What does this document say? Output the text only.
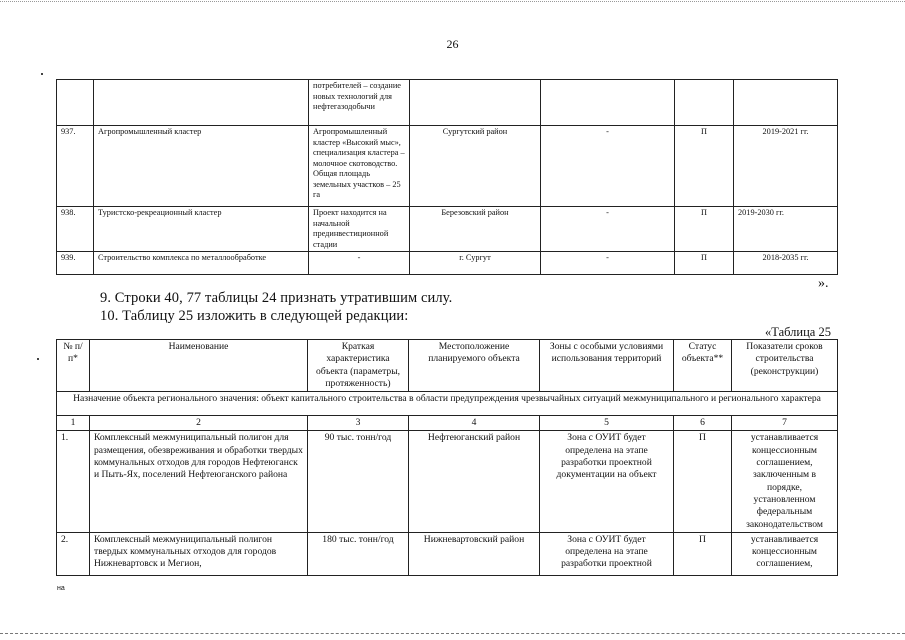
26
		потребителей – создание новых технологий для нефтегазодобычи				
937.	Агропромышленный кластер	Агропромышленный кластер «Высокий мыс», специализация кластера – молочное скотоводство. Общая площадь земельных участков – 25 га	Сургутский район	-	П	2019-2021 гг.
938.	Туристско-рекреационный кластер	Проект находится на начальной прединвестиционной стадии	Березовский район	-	П	2019-2030 гг.
939.	Строительство комплекса по металлообработке	-	г. Сургут	-	П	2018-2035 гг.
».
9. Строки 40, 77 таблицы 24 признать утратившим силу.
10. Таблицу 25 изложить в следующей редакции:
«Таблица 25
№ п/п*	Наименование	Краткая характеристика объекта (параметры, протяженность)	Местоположение планируемого объекта	Зоны с особыми условиями использования территорий	Статус объекта**	Показатели сроков строительства (реконструкции)
Назначение объекта регионального значения: объект капитального строительства в области предупреждения чрезвычайных ситуаций межмуниципального и регионального характера						
1	2	3	4	5	6	7
1.	Комплексный межмуниципальный полигон для размещения, обезвреживания и обработки твердых коммунальных отходов для городов Нефтеюганск и Пыть-Ях, поселений Нефтеюганского района	90 тыс. тонн/год	Нефтеюганский район	Зона с ОУИТ будет определена на этапе разработки проектной документации на объект	П	устанавливается концессионным соглашением, заключенным в порядке, установленном федеральным законодательством
2.	Комплексный межмуниципальный полигон твердых коммунальных отходов для городов Нижневартовск и Мегион,	180 тыс. тонн/год	Нижневартовский район	Зона с ОУИТ будет определена на этапе разработки проектной	П	устанавливается концессионным соглашением,
на
